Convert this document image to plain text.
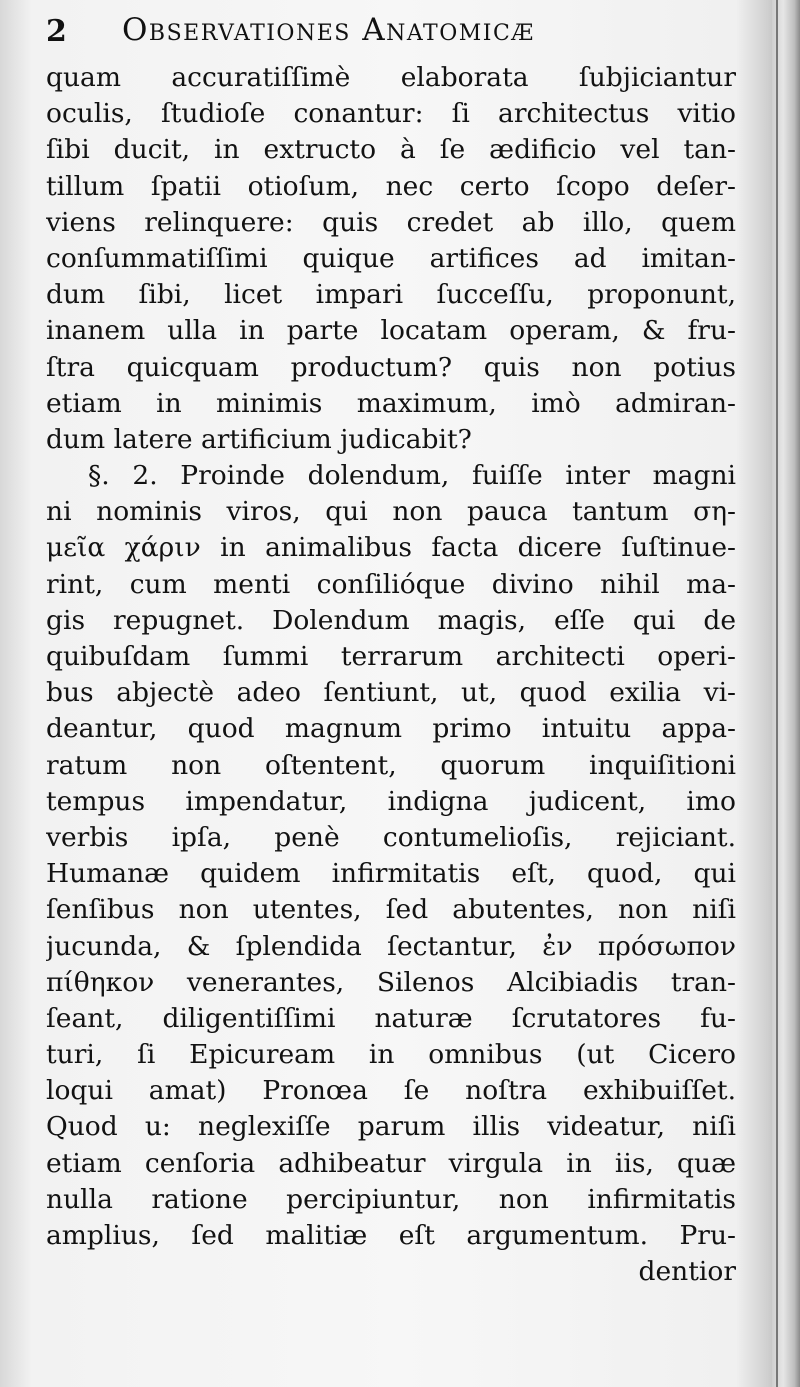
2 Observationes Anatomicæ
quam accuratiſſimè elaborata ſubjiciantur
oculis, ſtudioſe conantur: ſi architectus vitio
ſibi ducit, in extructo à ſe ædificio vel tan-
tillum ſpatii otioſum, nec certo ſcopo deſer-
viens relinquere: quis credet ab illo, quem
conſummatiſſimi quique artifices ad imitan-
dum ſibi, licet impari ſucceſſu, proponunt,
inanem ulla in parte locatam operam, & fru-
ſtra quicquam productum? quis non potius
etiam in minimis maximum, imò admiran-
dum latere artificium judicabit?
§. 2. Proinde dolendum, fuiſſe inter magni
ni nominis viros, qui non pauca tantum ση-
μεῖα χάριν in animalibus facta dicere ſuſtinue-
rint, cum menti conſilióque divino nihil ma-
gis repugnet. Dolendum magis, eſſe qui de
quibuſdam ſummi terrarum architecti operi-
bus abjectè adeo ſentiunt, ut, quod exilia vi-
deantur, quod magnum primo intuitu appa-
ratum non oſtentent, quorum inquiſitioni
tempus impendatur, indigna judicent, imo
verbis ipſa, penè contumelioſis, rejiciant.
Humanæ quidem infirmitatis eſt, quod, qui
ſenſibus non utentes, ſed abutentes, non niſi
jucunda, & ſplendida ſectantur, ἐν πρόσωπον
πίθηκον venerantes, Silenos Alcibiadis tran-
ſeant, diligentiſſimi naturæ ſcrutatores fu-
turi, ſi Epicuream in omnibus (ut Cicero
loqui amat) Pronœa ſe noſtra exhibuiſſet.
Quod u: neglexiſſe parum illis videatur, niſi
etiam cenſoria adhibeatur virgula in iis, quæ
nulla ratione percipiuntur, non infirmitatis
amplius, ſed malitiæ eſt argumentum. Pru-
dentior
